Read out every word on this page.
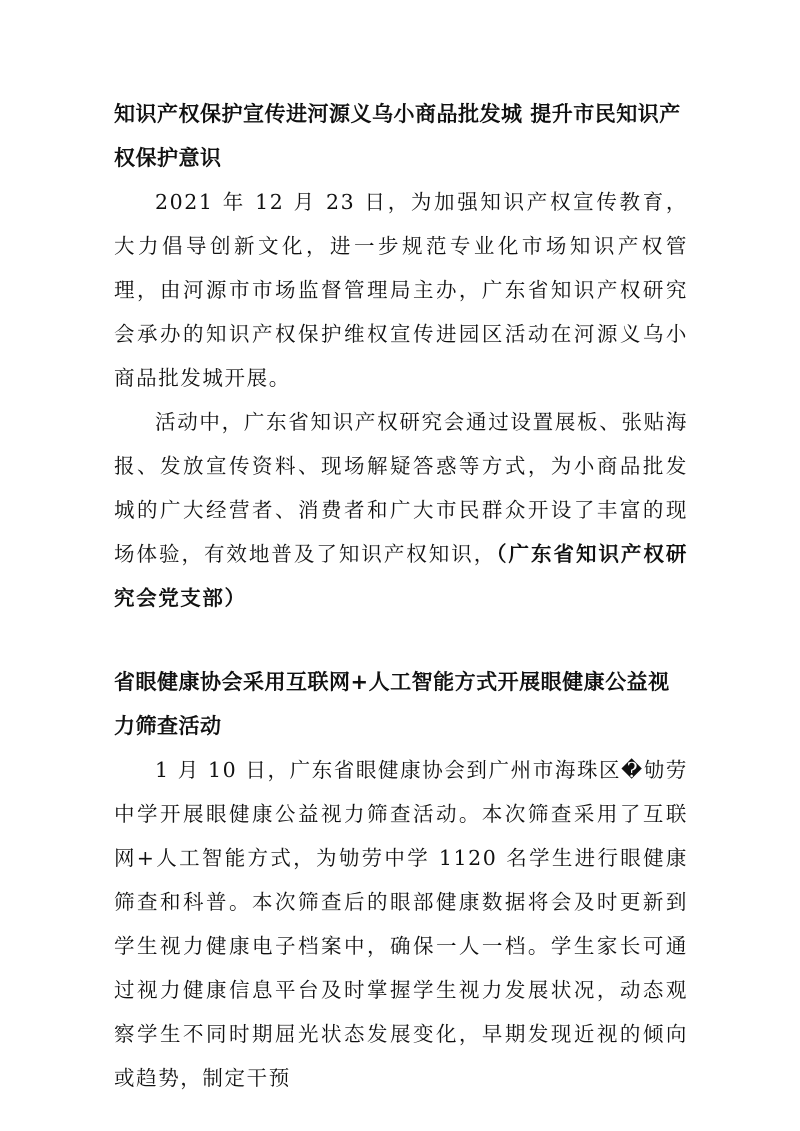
知识产权保护宣传进河源义乌小商品批发城 提升市民知识产权保护意识

2021 年 12 月 23 日，为加强知识产权宣传教育，大力倡导创新文化，进一步规范专业化市场知识产权管理，由河源市市场监督管理局主办，广东省知识产权研究会承办的知识产权保护维权宣传进园区活动在河源义乌小商品批发城开展。

活动中，广东省知识产权研究会通过设置展板、张贴海报、发放宣传资料、现场解疑答惑等方式，为小商品批发城的广大经营者、消费者和广大市民群众开设了丰富的现场体验，有效地普及了知识产权知识，（广东省知识产权研究会党支部）

省眼健康协会采用互联网+人工智能方式开展眼健康公益视力筛查活动

1 月 10 日，广东省眼健康协会到广州市海珠区�劬劳中学开展眼健康公益视力筛查活动。本次筛查采用了互联网+人工智能方式，为劬劳中学 1120 名学生进行眼健康筛查和科普。本次筛查后的眼部健康数据将会及时更新到学生视力健康电子档案中，确保一人一档。学生家长可通过视力健康信息平台及时掌握学生视力发展状况，动态观察学生不同时期屈光状态发展变化，早期发现近视的倾向或趋势，制定干预
